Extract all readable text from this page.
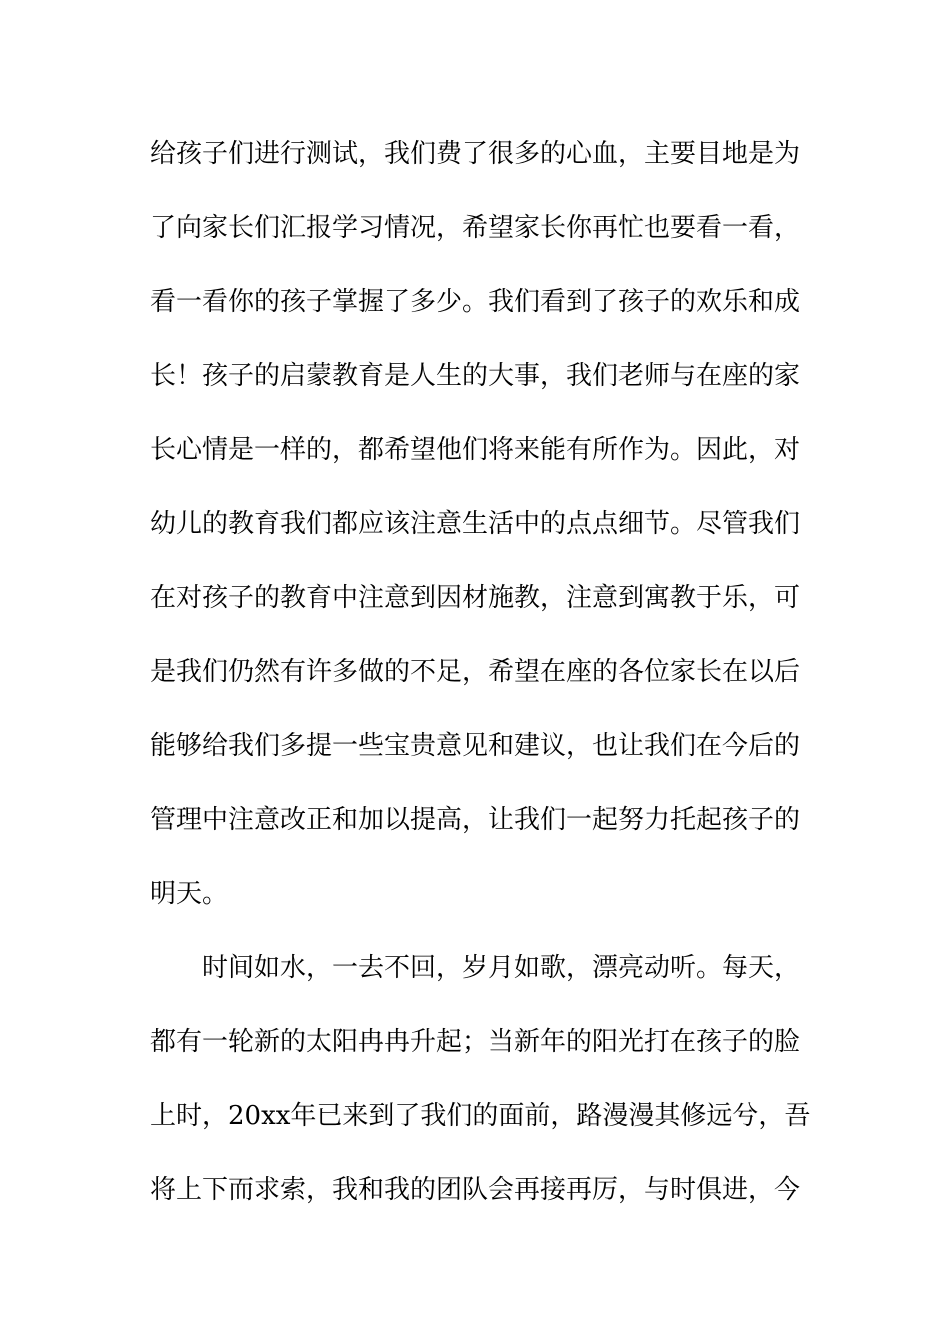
给孩子们进行测试，我们费了很多的心血，主要目地是为
了向家长们汇报学习情况，希望家长你再忙也要看一看，
看一看你的孩子掌握了多少。我们看到了孩子的欢乐和成
长！孩子的启蒙教育是人生的大事，我们老师与在座的家
长心情是一样的，都希望他们将来能有所作为。因此，对
幼儿的教育我们都应该注意生活中的点点细节。尽管我们
在对孩子的教育中注意到因材施教，注意到寓教于乐，可
是我们仍然有许多做的不足，希望在座的各位家长在以后
能够给我们多提一些宝贵意见和建议，也让我们在今后的
管理中注意改正和加以提高，让我们一起努力托起孩子的
明天。
时间如水，一去不回，岁月如歌，漂亮动听。每天，
都有一轮新的太阳冉冉升起；当新年的阳光打在孩子的脸
上时，20xx年已来到了我们的面前，路漫漫其修远兮，吾
将上下而求索，我和我的团队会再接再厉，与时俱进，今
